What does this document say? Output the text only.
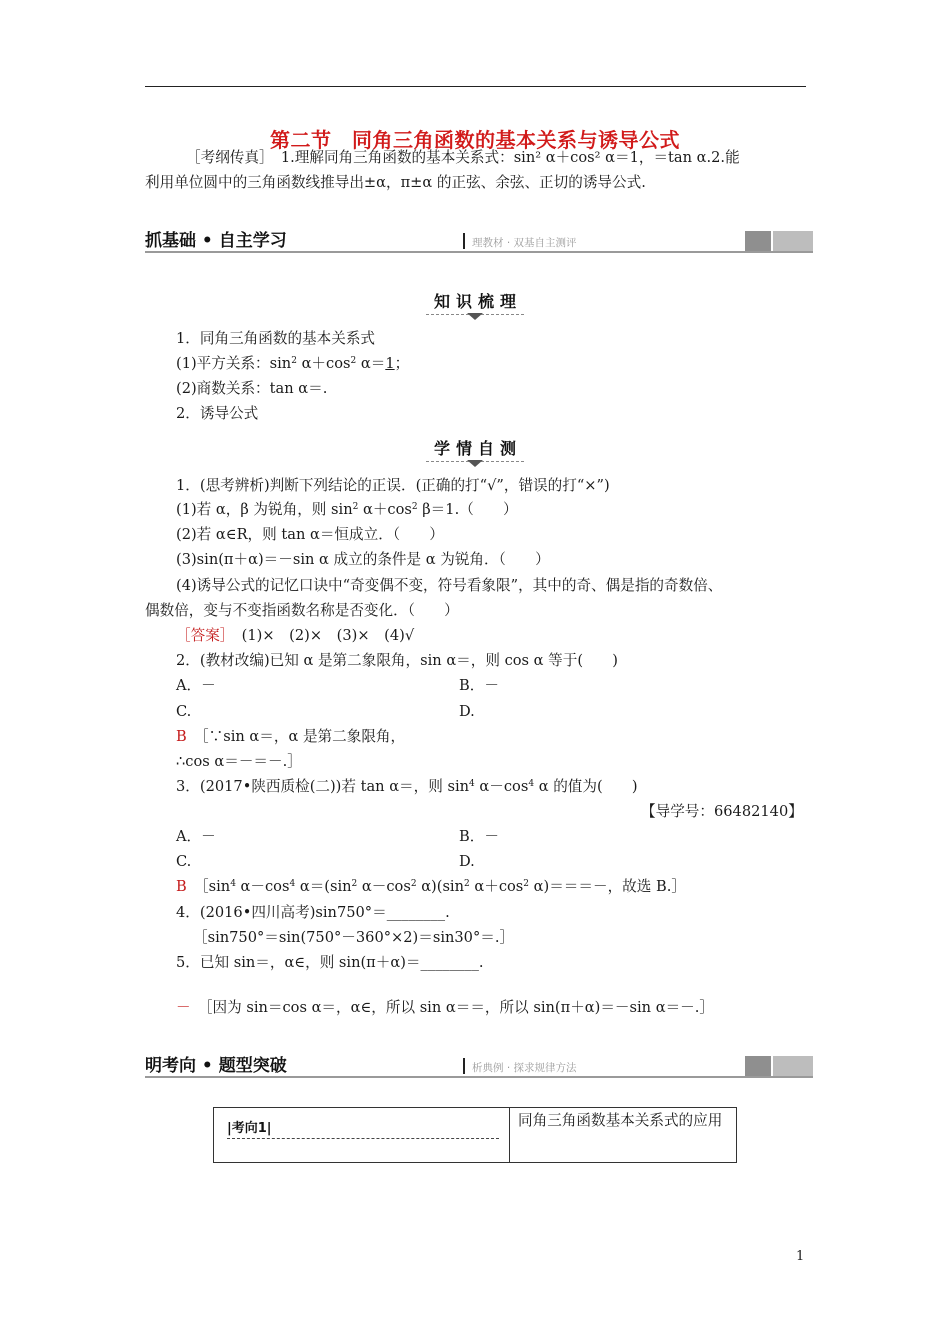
第二节　同角三角函数的基本关系与诱导公式
［考纲传真］　1.理解同角三角函数的基本关系式：sin² α＋cos² α＝1，＝tan α.2.能
利用单位圆中的三角函数线推导出±α，π±α 的正弦、余弦、正切的诱导公式.
抓基础 • 自主学习	理教材 · 双基自主测评
知识梳理
1．同角三角函数的基本关系式
(1)平方关系：$\sin^2 \alpha+\cos^2$ α＝1；
(2)商数关系：tan α＝.
2．诱导公式
学情自测
1．(思考辨析)判断下列结论的正误．(正确的打“√”，错误的打“×”)
(1)若 α，β 为锐角，则 $\sin^2 \alpha+\cos^2$ β＝1.（　　）
(2)若 α∈R，则 tan α＝恒成立．（　　）
(3)sin(π＋α)＝－sin α 成立的条件是 α 为锐角．（　　）
(4)诱导公式的记忆口诀中“奇变偶不变，符号看象限”，其中的奇、偶是指的奇数倍、
偶数倍，变与不变指函数名称是否变化．（　　）
［答案］　(1)×　(2)×　(3)×　(4)√
2．(教材改编)已知 α 是第二象限角，sin α＝，则 cos α 等于(　　)
A．－	B．－
C.	D.
B　 ［∵sin α＝，α 是第二象限角，
∴cos α＝－＝－.］
3．(2017•陕西质检(二))若 tan α＝，则 $\sin^4 \alpha-\cos^4$ α 的值为(　　)
【导学号：66482140】
A．－	B．－
C.	D.
B　$[\sin^4$ $\alpha-\cos^4$ $\alpha=(\sin^2$ $\alpha-\cos^2$ $\alpha)(\sin^2$ $\alpha+\cos^2$ α)＝＝＝－，故选 B.］
4．(2016•四川高考)sin750°＝________.
［sin750°＝sin(750°－360°×2)＝sin30°＝.］
5．已知 sin＝，α∈，则 sin(π＋α)＝________.
－　 ［因为 sin＝cos α＝，α∈，所以 sin α＝＝，所以 sin(π＋α)＝－sin α＝－.］
明考向 • 题型突破	析典例 · 探求规律方法
|考向1|	同角三角函数基本关系式的应用
1
